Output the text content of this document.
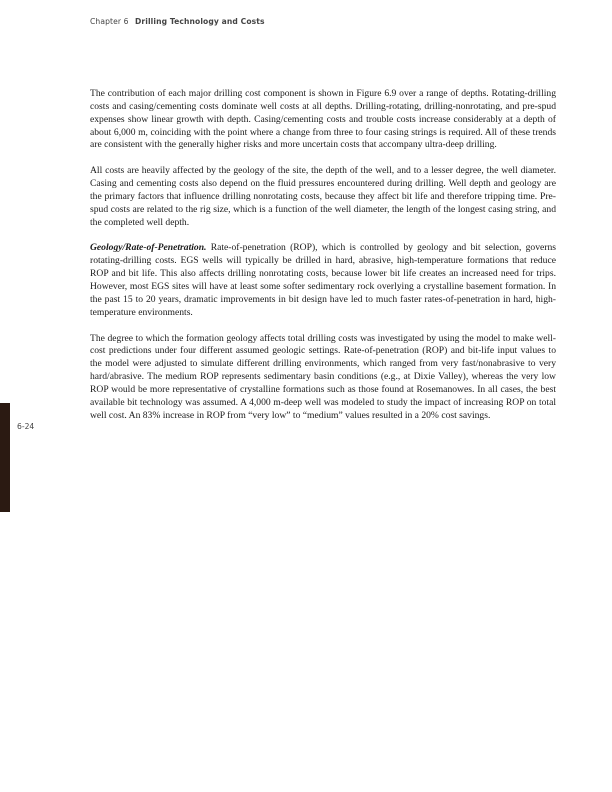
Chapter 6 Drilling Technology and Costs
6-24

The contribution of each major drilling cost component is shown in Figure 6.9 over a range of depths. Rotating-drilling costs and casing/cementing costs dominate well costs at all depths. Drilling-rotating, drilling-nonrotating, and pre-spud expenses show linear growth with depth. Casing/cementing costs and trouble costs increase considerably at a depth of about 6,000 m, coinciding with the point where a change from three to four casing strings is required. All of these trends are consistent with the generally higher risks and more uncertain costs that accompany ultra-deep drilling.

All costs are heavily affected by the geology of the site, the depth of the well, and to a lesser degree, the well diameter. Casing and cementing costs also depend on the fluid pressures encountered during drilling. Well depth and geology are the primary factors that influence drilling nonrotating costs, because they affect bit life and therefore tripping time. Pre-spud costs are related to the rig size, which is a function of the well diameter, the length of the longest casing string, and the completed well depth.

Geology/Rate-of-Penetration. Rate-of-penetration (ROP), which is controlled by geology and bit selection, governs rotating-drilling costs. EGS wells will typically be drilled in hard, abrasive, high-temperature formations that reduce ROP and bit life. This also affects drilling nonrotating costs, because lower bit life creates an increased need for trips. However, most EGS sites will have at least some softer sedimentary rock overlying a crystalline basement formation. In the past 15 to 20 years, dramatic improvements in bit design have led to much faster rates-of-penetration in hard, high-temperature environments.

The degree to which the formation geology affects total drilling costs was investigated by using the model to make well-cost predictions under four different assumed geologic settings. Rate-of-penetration (ROP) and bit-life input values to the model were adjusted to simulate different drilling environments, which ranged from very fast/nonabrasive to very hard/abrasive. The medium ROP represents sedimentary basin conditions (e.g., at Dixie Valley), whereas the very low ROP would be more representative of crystalline formations such as those found at Rosemanowes. In all cases, the best available bit technology was assumed. A 4,000 m-deep well was modeled to study the impact of increasing ROP on total well cost. An 83% increase in ROP from “very low” to “medium” values resulted in a 20% cost savings.
